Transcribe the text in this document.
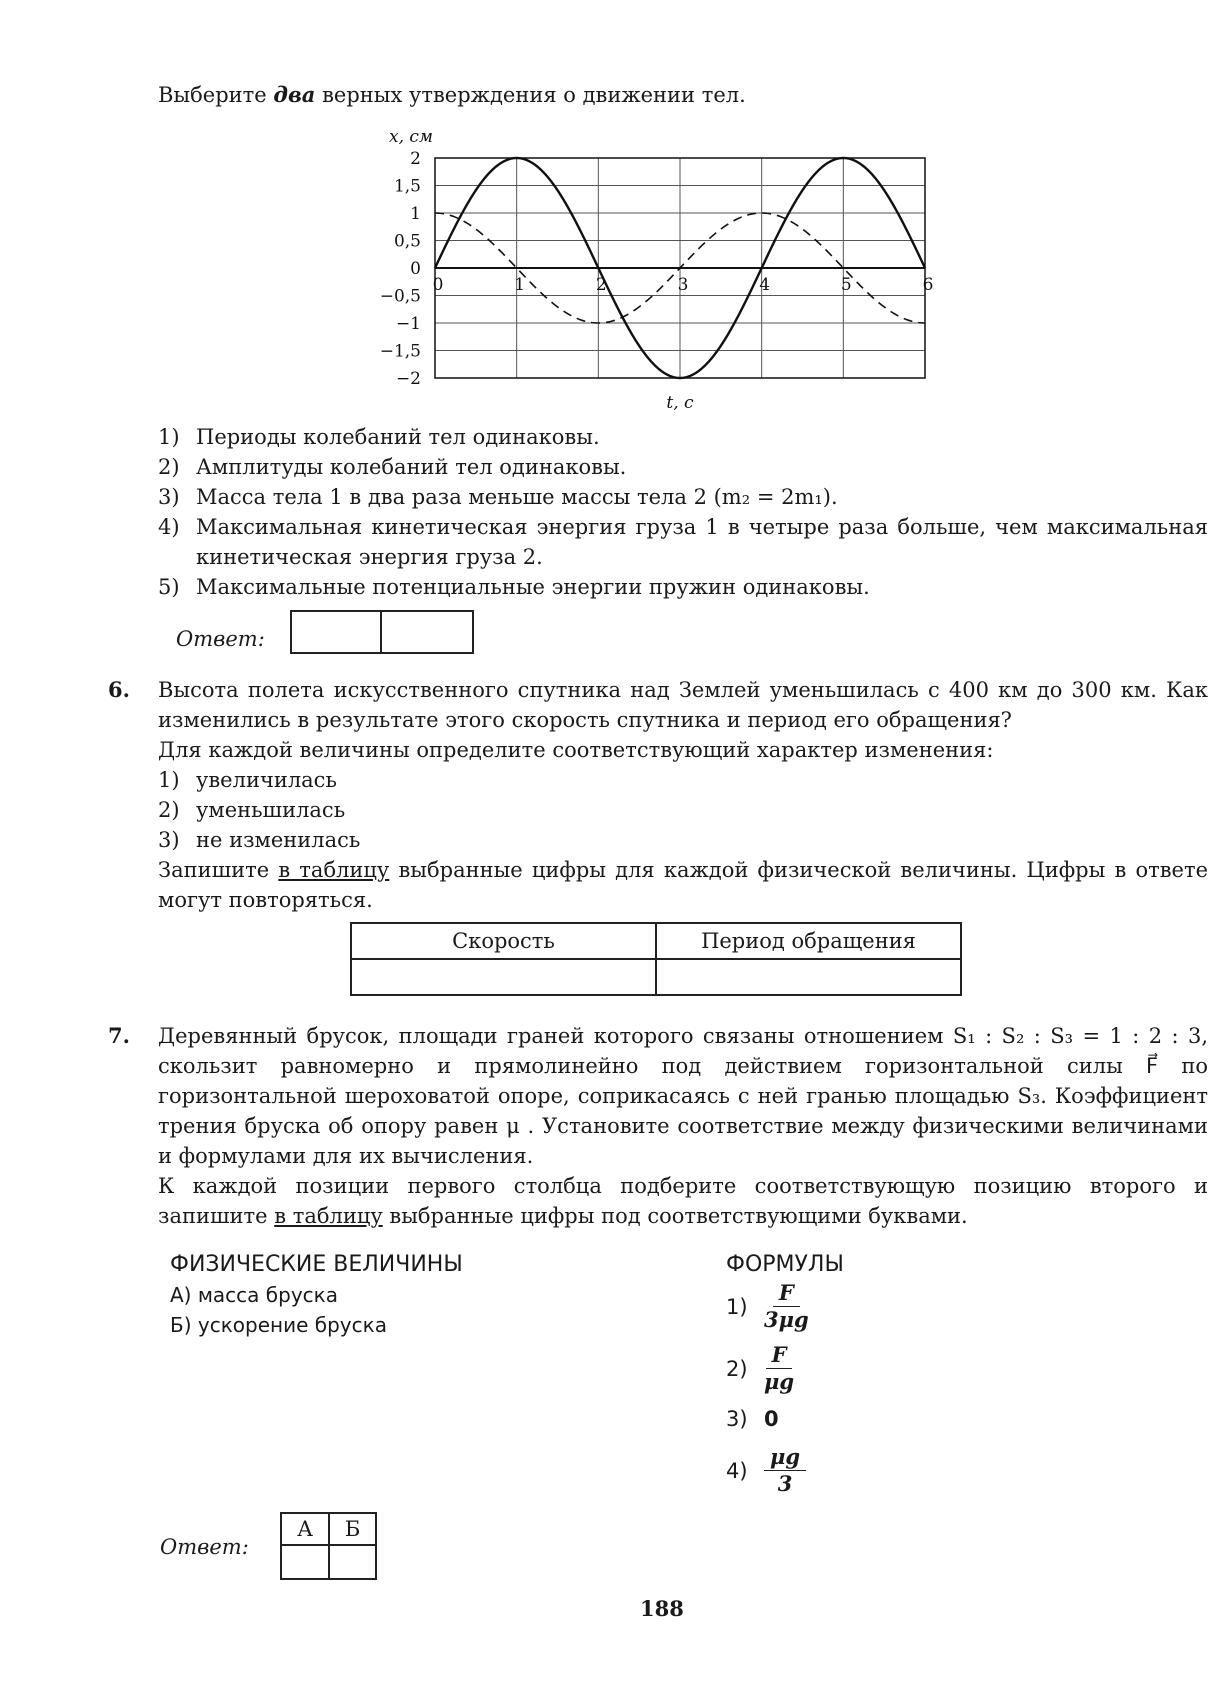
Выберите два верных утверждения о движении тел.
2
1,5
1
0,5
0
−0,5
−1
−1,5
−2
0	1	2	3	4	5	6
x, см
t, c
1) Периоды колебаний тел одинаковы.
2) Амплитуды колебаний тел одинаковы.
3) Масса тела 1 в два раза меньше массы тела 2 (m₂ = 2m₁).
4) Максимальная кинетическая энергия груза 1 в четыре раза больше, чем максимальная кинетическая энергия груза 2.
5) Максимальные потенциальные энергии пружин одинаковы.
Ответ:
6. Высота полета искусственного спутника над Землей уменьшилась с 400 км до 300 км. Как изменились в результате этого скорость спутника и период его обращения?

Для каждой величины определите соответствующий характер изменения:

1) увеличилась
2) уменьшилась
3) не изменилась

Запишите в таблицу выбранные цифры для каждой физической величины. Цифры в ответе могут повторяться.

Скорость	Период обращения

7. Деревянный брусок, площади граней которого связаны отношением S₁ : S₂ : S₃ = 1 : 2 : 3, скользит равномерно и прямолинейно под действием горизонтальной силы F⃗ по горизонтальной шероховатой опоре, соприкасаясь с ней гранью площадью S₃. Коэффициент трения бруска об опору равен μ . Установите соответствие между физическими величинами и формулами для их вычисления.

К каждой позиции первого столбца подберите соответствующую позицию второго и запишите в таблицу выбранные цифры под соответствующими буквами.

ФИЗИЧЕСКИЕ ВЕЛИЧИНЫ
А) масса бруска
Б) ускорение бруска
ФОРМУЛЫ
$1) \frac{F}{3\mu g}$
$2) \frac{F}{\mu g}$
3) 0
$4) \frac{\mu g}{3}$
Ответ:
А	Б

188
